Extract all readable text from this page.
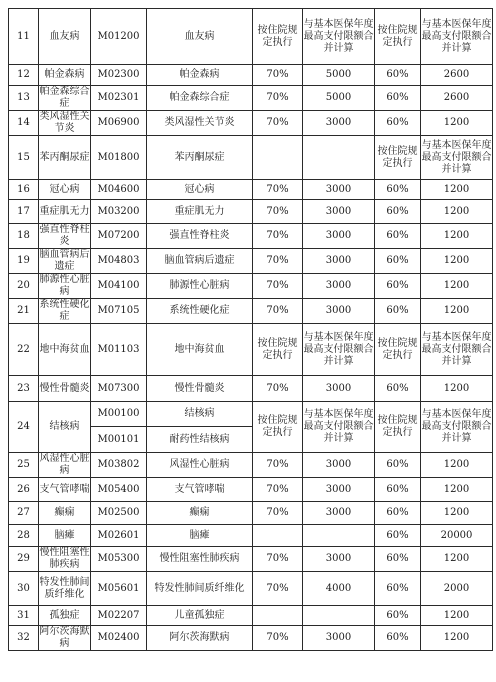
11	血友病	M01200	血友病	按住院规定执行	与基本医保年度最高支付限额合并计算	按住院规定执行	与基本医保年度最高支付限额合并计算
12	帕金森病	M02300	帕金森病	70%	5000	60%	2600
13	帕金森综合症	M02301	帕金森综合症	70%	5000	60%	2600
14	类风湿性关节炎	M06900	类风湿性关节炎	70%	3000	60%	1200
15	苯丙酮尿症	M01800	苯丙酮尿症			按住院规定执行	与基本医保年度最高支付限额合并计算
16	冠心病	M04600	冠心病	70%	3000	60%	1200
17	重症肌无力	M03200	重症肌无力	70%	3000	60%	1200
18	强直性脊柱炎	M07200	强直性脊柱炎	70%	3000	60%	1200
19	脑血管病后遗症	M04803	脑血管病后遗症	70%	3000	60%	1200
20	肺源性心脏病	M04100	肺源性心脏病	70%	3000	60%	1200
21	系统性硬化症	M07105	系统性硬化症	70%	3000	60%	1200
22	地中海贫血	M01103	地中海贫血	按住院规定执行	与基本医保年度最高支付限额合并计算	按住院规定执行	与基本医保年度最高支付限额合并计算
23	慢性骨髓炎	M07300	慢性骨髓炎	70%	3000	60%	1200
24	结核病	M00100	结核病	按住院规定执行	与基本医保年度最高支付限额合并计算	按住院规定执行	与基本医保年度最高支付限额合并计算
		M00101	耐药性结核病				
25	风湿性心脏病	M03802	风湿性心脏病	70%	3000	60%	1200
26	支气管哮喘	M05400	支气管哮喘	70%	3000	60%	1200
27	癫痫	M02500	癫痫	70%	3000	60%	1200
28	脑瘫	M02601	脑瘫			60%	20000
29	慢性阻塞性肺疾病	M05300	慢性阻塞性肺疾病	70%	3000	60%	1200
30	特发性肺间质纤维化	M05601	特发性肺间质纤维化	70%	4000	60%	2000
31	孤独症	M02207	儿童孤独症			60%	1200
32	阿尔茨海默病	M02400	阿尔茨海默病	70%	3000	60%	1200
